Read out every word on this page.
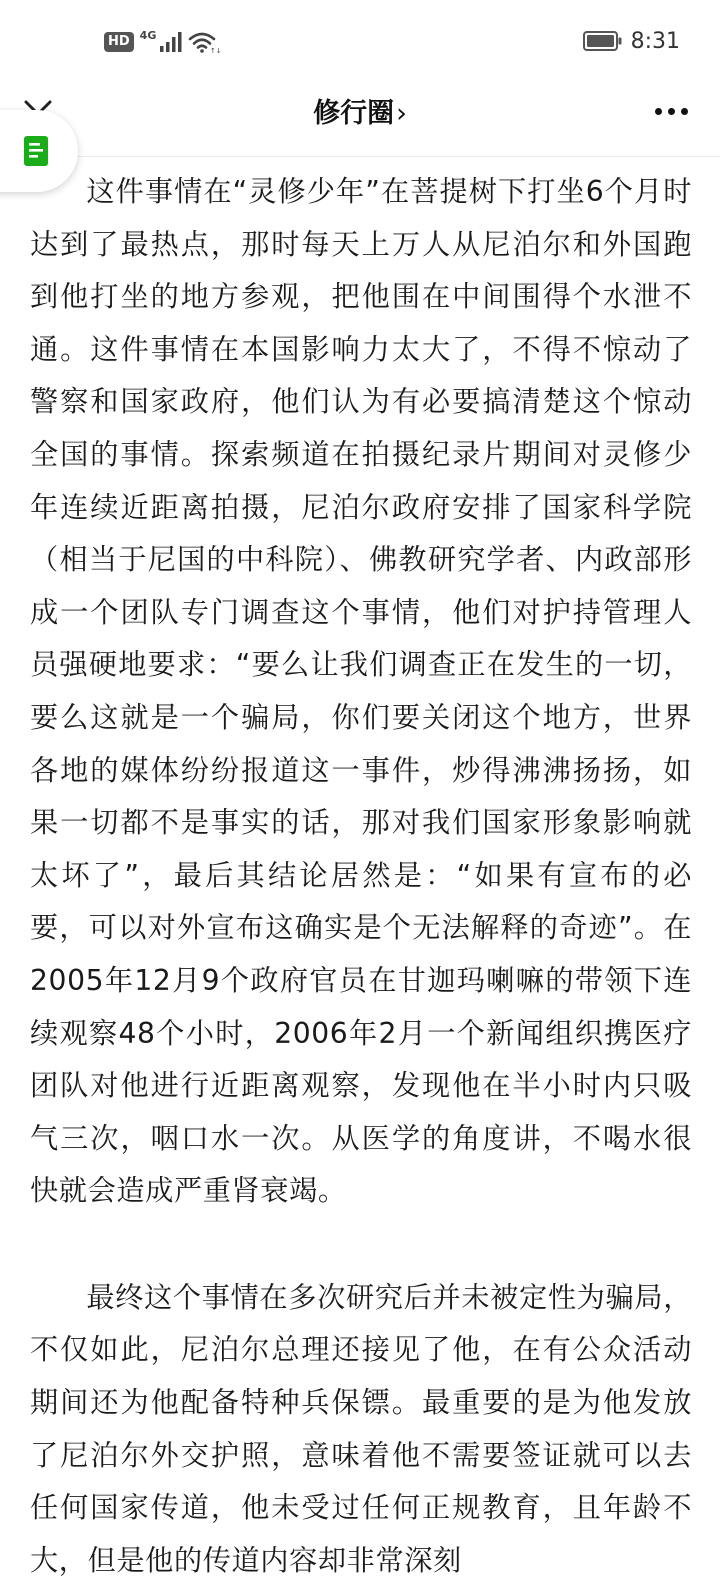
HD 4G
↑↓	8:31
修行圈›

这件事情在“灵修少年”在菩提树下打坐6个月时达到了最热点，那时每天上万人从尼泊尔和外国跑到他打坐的地方参观，把他围在中间围得个水泄不通。这件事情在本国影响力太大了，不得不惊动了警察和国家政府，他们认为有必要搞清楚这个惊动全国的事情。探索频道在拍摄纪录片期间对灵修少年连续近距离拍摄，尼泊尔政府安排了国家科学院（相当于尼国的中科院）、佛教研究学者、内政部形成一个团队专门调查这个事情，他们对护持管理人员强硬地要求：“要么让我们调查正在发生的一切，要么这就是一个骗局，你们要关闭这个地方，世界各地的媒体纷纷报道这一事件，炒得沸沸扬扬，如果一切都不是事实的话，那对我们国家形象影响就太坏了”，最后其结论居然是：“如果有宣布的必要，可以对外宣布这确实是个无法解释的奇迹”。在2005年12月9个政府官员在甘迦玛喇嘛的带领下连续观察48个小时，2006年2月一个新闻组织携医疗团队对他进行近距离观察，发现他在半小时内只吸气三次，咽口水一次。从医学的角度讲，不喝水很快就会造成严重肾衰竭。

最终这个事情在多次研究后并未被定性为骗局，不仅如此，尼泊尔总理还接见了他，在有公众活动期间还为他配备特种兵保镖。最重要的是为他发放了尼泊尔外交护照，意味着他不需要签证就可以去任何国家传道，他未受过任何正规教育，且年龄不大，但是他的传道内容却非常深刻
